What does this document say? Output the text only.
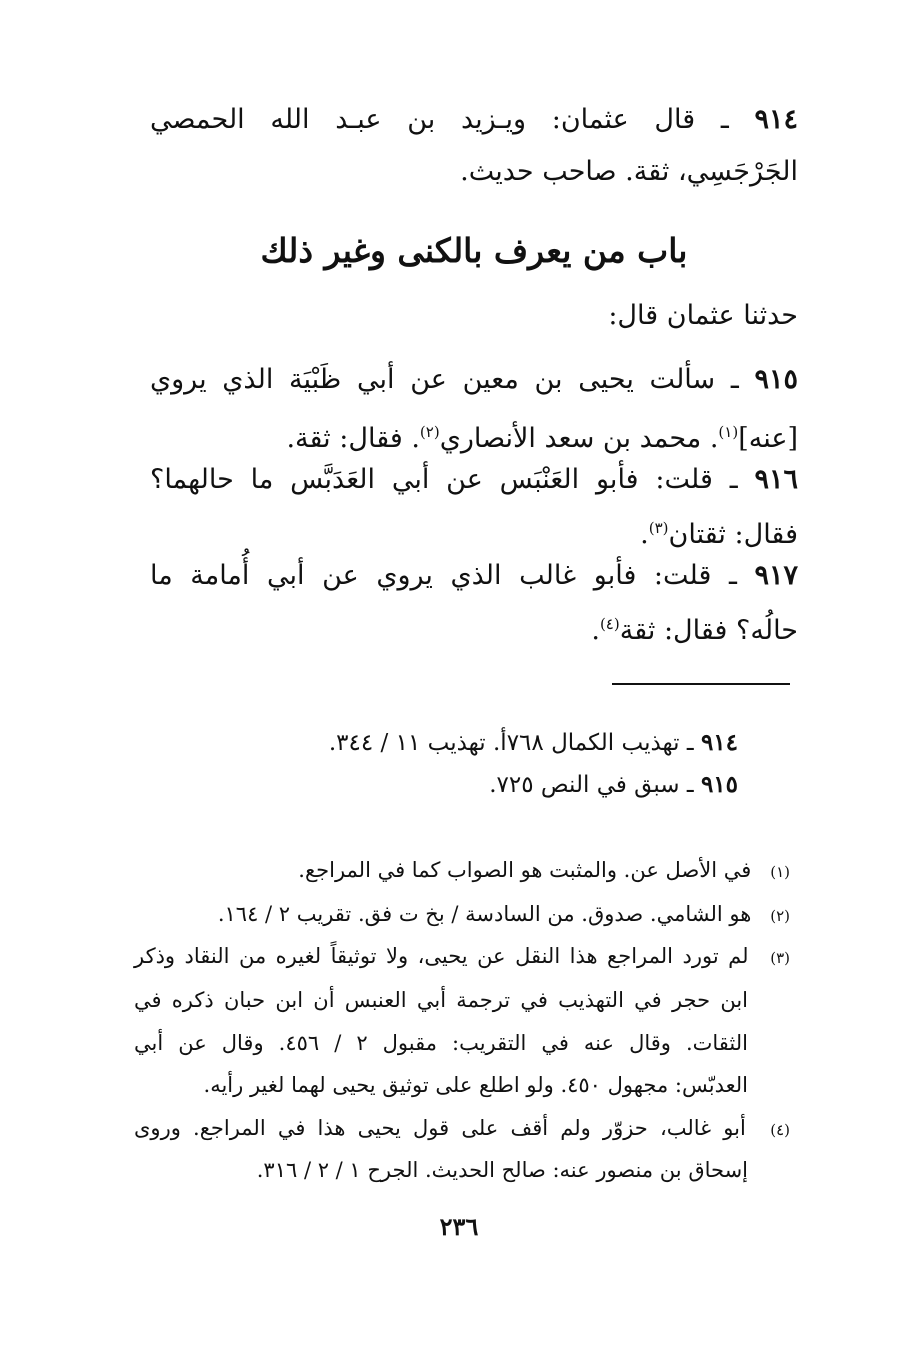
٩١٤ ـ قال عثمان: ويـزيد بن عبـد الله الحمصي
الجَرْجَسِي، ثقة. صاحب حديث.
باب من يعرف بالكنى وغير ذلك
حدثنا عثمان قال:
٩١٥ ـ سألت يحيى بن معين عن أبي ظَبْيَة الذي يروي
[عنه]$^{(١)}$. محمد بن سعد الأنصاري$^{(٢)}$. فقال: ثقة.
٩١٦ ـ قلت: فأبو العَنْبَس عن أبي العَدَبَّس ما حالهما؟
فقال: ثقتان$^{(٣)}$.
٩١٧ ـ قلت: فأبو غالب الذي يروي عن أبي أُمامة ما
حالُه؟ فقال: ثقة$^{(٤)}$.
٩١٤ ـ تهذيب الكمال ٧٦٨أ. تهذيب ١١ / ٣٤٤.
٩١٥ ـ سبق في النص ٧٢٥.
(١) في الأصل عن. والمثبت هو الصواب كما في المراجع.
(٢) هو الشامي. صدوق. من السادسة / بخ ت فق. تقريب ٢ / ١٦٤.
(٣) لم تورد المراجع هذا النقل عن يحيى، ولا توثيقاً لغيره من النقاد وذكر
ابن حجر في التهذيب في ترجمة أبي العنبس أن ابن حبان ذكره في
الثقات. وقال عنه في التقريب: مقبول ٢ / ٤٥٦. وقال عن أبي
العدبّس: مجهول ٤٥٠. ولو اطلع على توثيق يحيى لهما لغير رأيه.
(٤) أبو غالب، حزوّر ولم أقف على قول يحيى هذا في المراجع. وروى
إسحاق بن منصور عنه: صالح الحديث. الجرح ١ / ٢ / ٣١٦.
٢٣٦
